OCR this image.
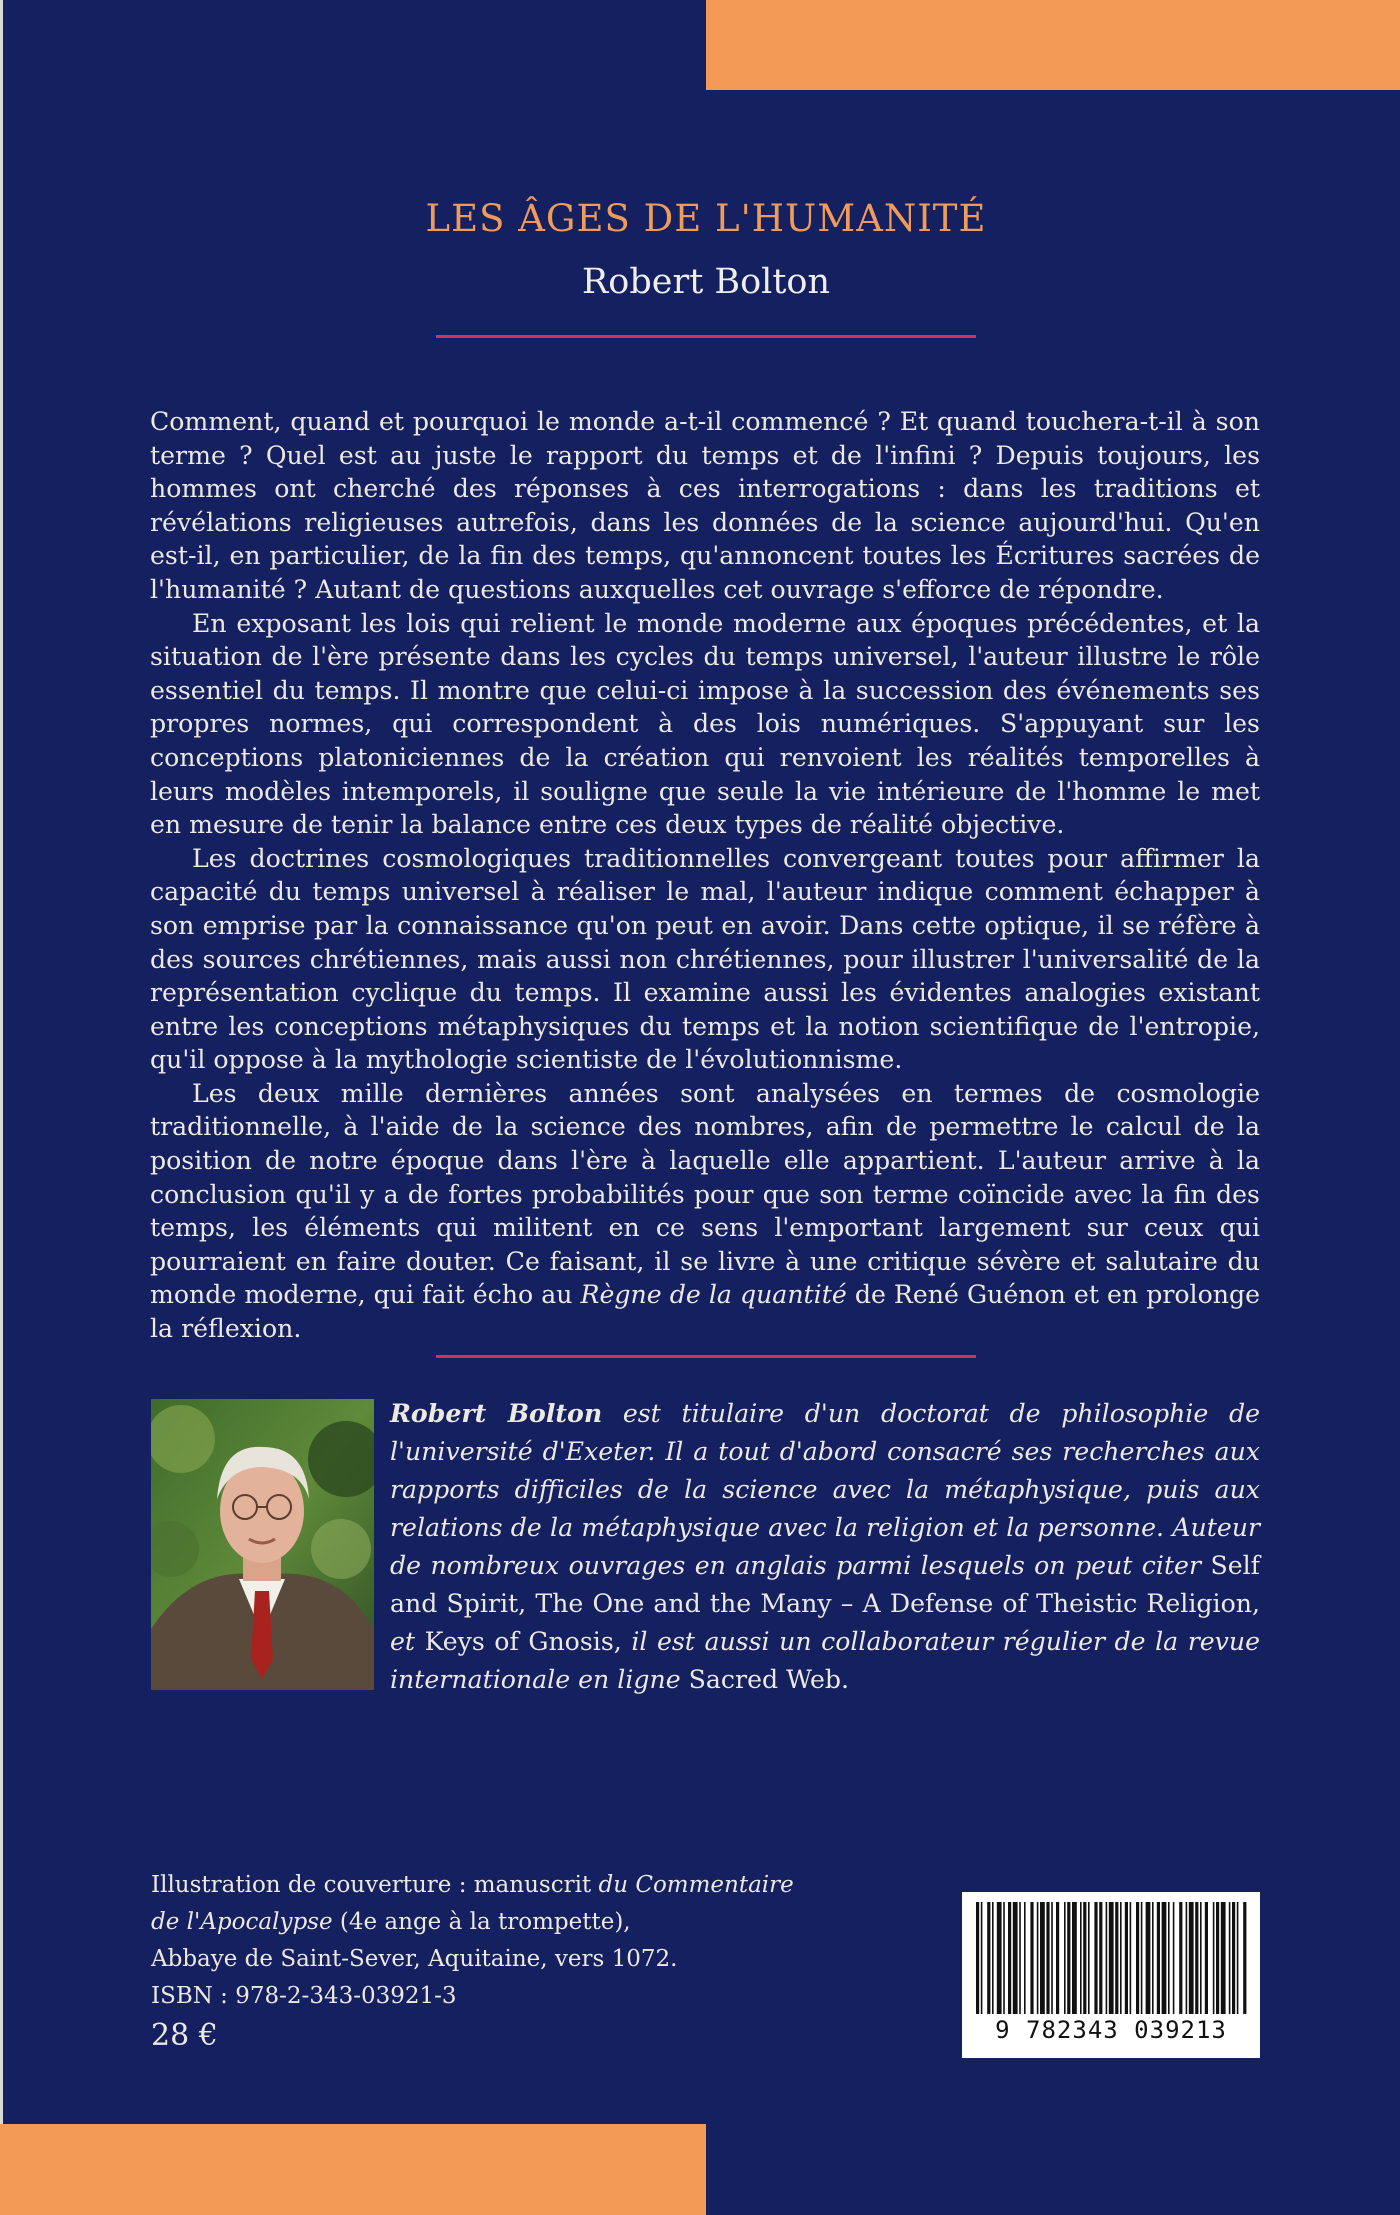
LES ÂGES DE L'HUMANITÉ
Robert Bolton

Comment, quand et pourquoi le monde a-t-il commencé ? Et quand touchera-t-il à son terme ? Quel est au juste le rapport du temps et de l'infini ? Depuis toujours, les hommes ont cherché des réponses à ces interrogations : dans les traditions et révélations religieuses autrefois, dans les données de la science aujourd'hui. Qu'en est-il, en particulier, de la fin des temps, qu'annoncent toutes les Écritures sacrées de l'humanité ? Autant de questions auxquelles cet ouvrage s'efforce de répondre.

En exposant les lois qui relient le monde moderne aux époques précédentes, et la situation de l'ère présente dans les cycles du temps universel, l'auteur illustre le rôle essentiel du temps. Il montre que celui-ci impose à la succession des événements ses propres normes, qui correspondent à des lois numériques. S'appuyant sur les conceptions platoniciennes de la création qui renvoient les réalités temporelles à leurs modèles intemporels, il souligne que seule la vie intérieure de l'homme le met en mesure de tenir la balance entre ces deux types de réalité objective.

Les doctrines cosmologiques traditionnelles convergeant toutes pour affirmer la capacité du temps universel à réaliser le mal, l'auteur indique comment échapper à son emprise par la connaissance qu'on peut en avoir. Dans cette optique, il se réfère à des sources chrétiennes, mais aussi non chrétiennes, pour illustrer l'universalité de la représentation cyclique du temps. Il examine aussi les évidentes analogies existant entre les conceptions métaphysiques du temps et la notion scientifique de l'entropie, qu'il oppose à la mythologie scientiste de l'évolutionnisme.

Les deux mille dernières années sont analysées en termes de cosmologie traditionnelle, à l'aide de la science des nombres, afin de permettre le calcul de la position de notre époque dans l'ère à laquelle elle appartient. L'auteur arrive à la conclusion qu'il y a de fortes probabilités pour que son terme coïncide avec la fin des temps, les éléments qui militent en ce sens l'emportant largement sur ceux qui pourraient en faire douter. Ce faisant, il se livre à une critique sévère et salutaire du monde moderne, qui fait écho au Règne de la quantité de René Guénon et en prolonge la réflexion.

Robert Bolton est titulaire d'un doctorat de philosophie de l'université d'Exeter. Il a tout d'abord consacré ses recherches aux rapports difficiles de la science avec la métaphysique, puis aux relations de la métaphysique avec la religion et la personne. Auteur de nombreux ouvrages en anglais parmi lesquels on peut citer Self and Spirit, The One and the Many – A Defense of Theistic Religion, et Keys of Gnosis, il est aussi un collaborateur régulier de la revue internationale en ligne Sacred Web.
Illustration de couverture : manuscrit du Commentaire
de l'Apocalypse (4e ange à la trompette),
Abbaye de Saint-Sever, Aquitaine, vers 1072.
ISBN : 978-2-343-03921-3
28 €	9 782343 039213
